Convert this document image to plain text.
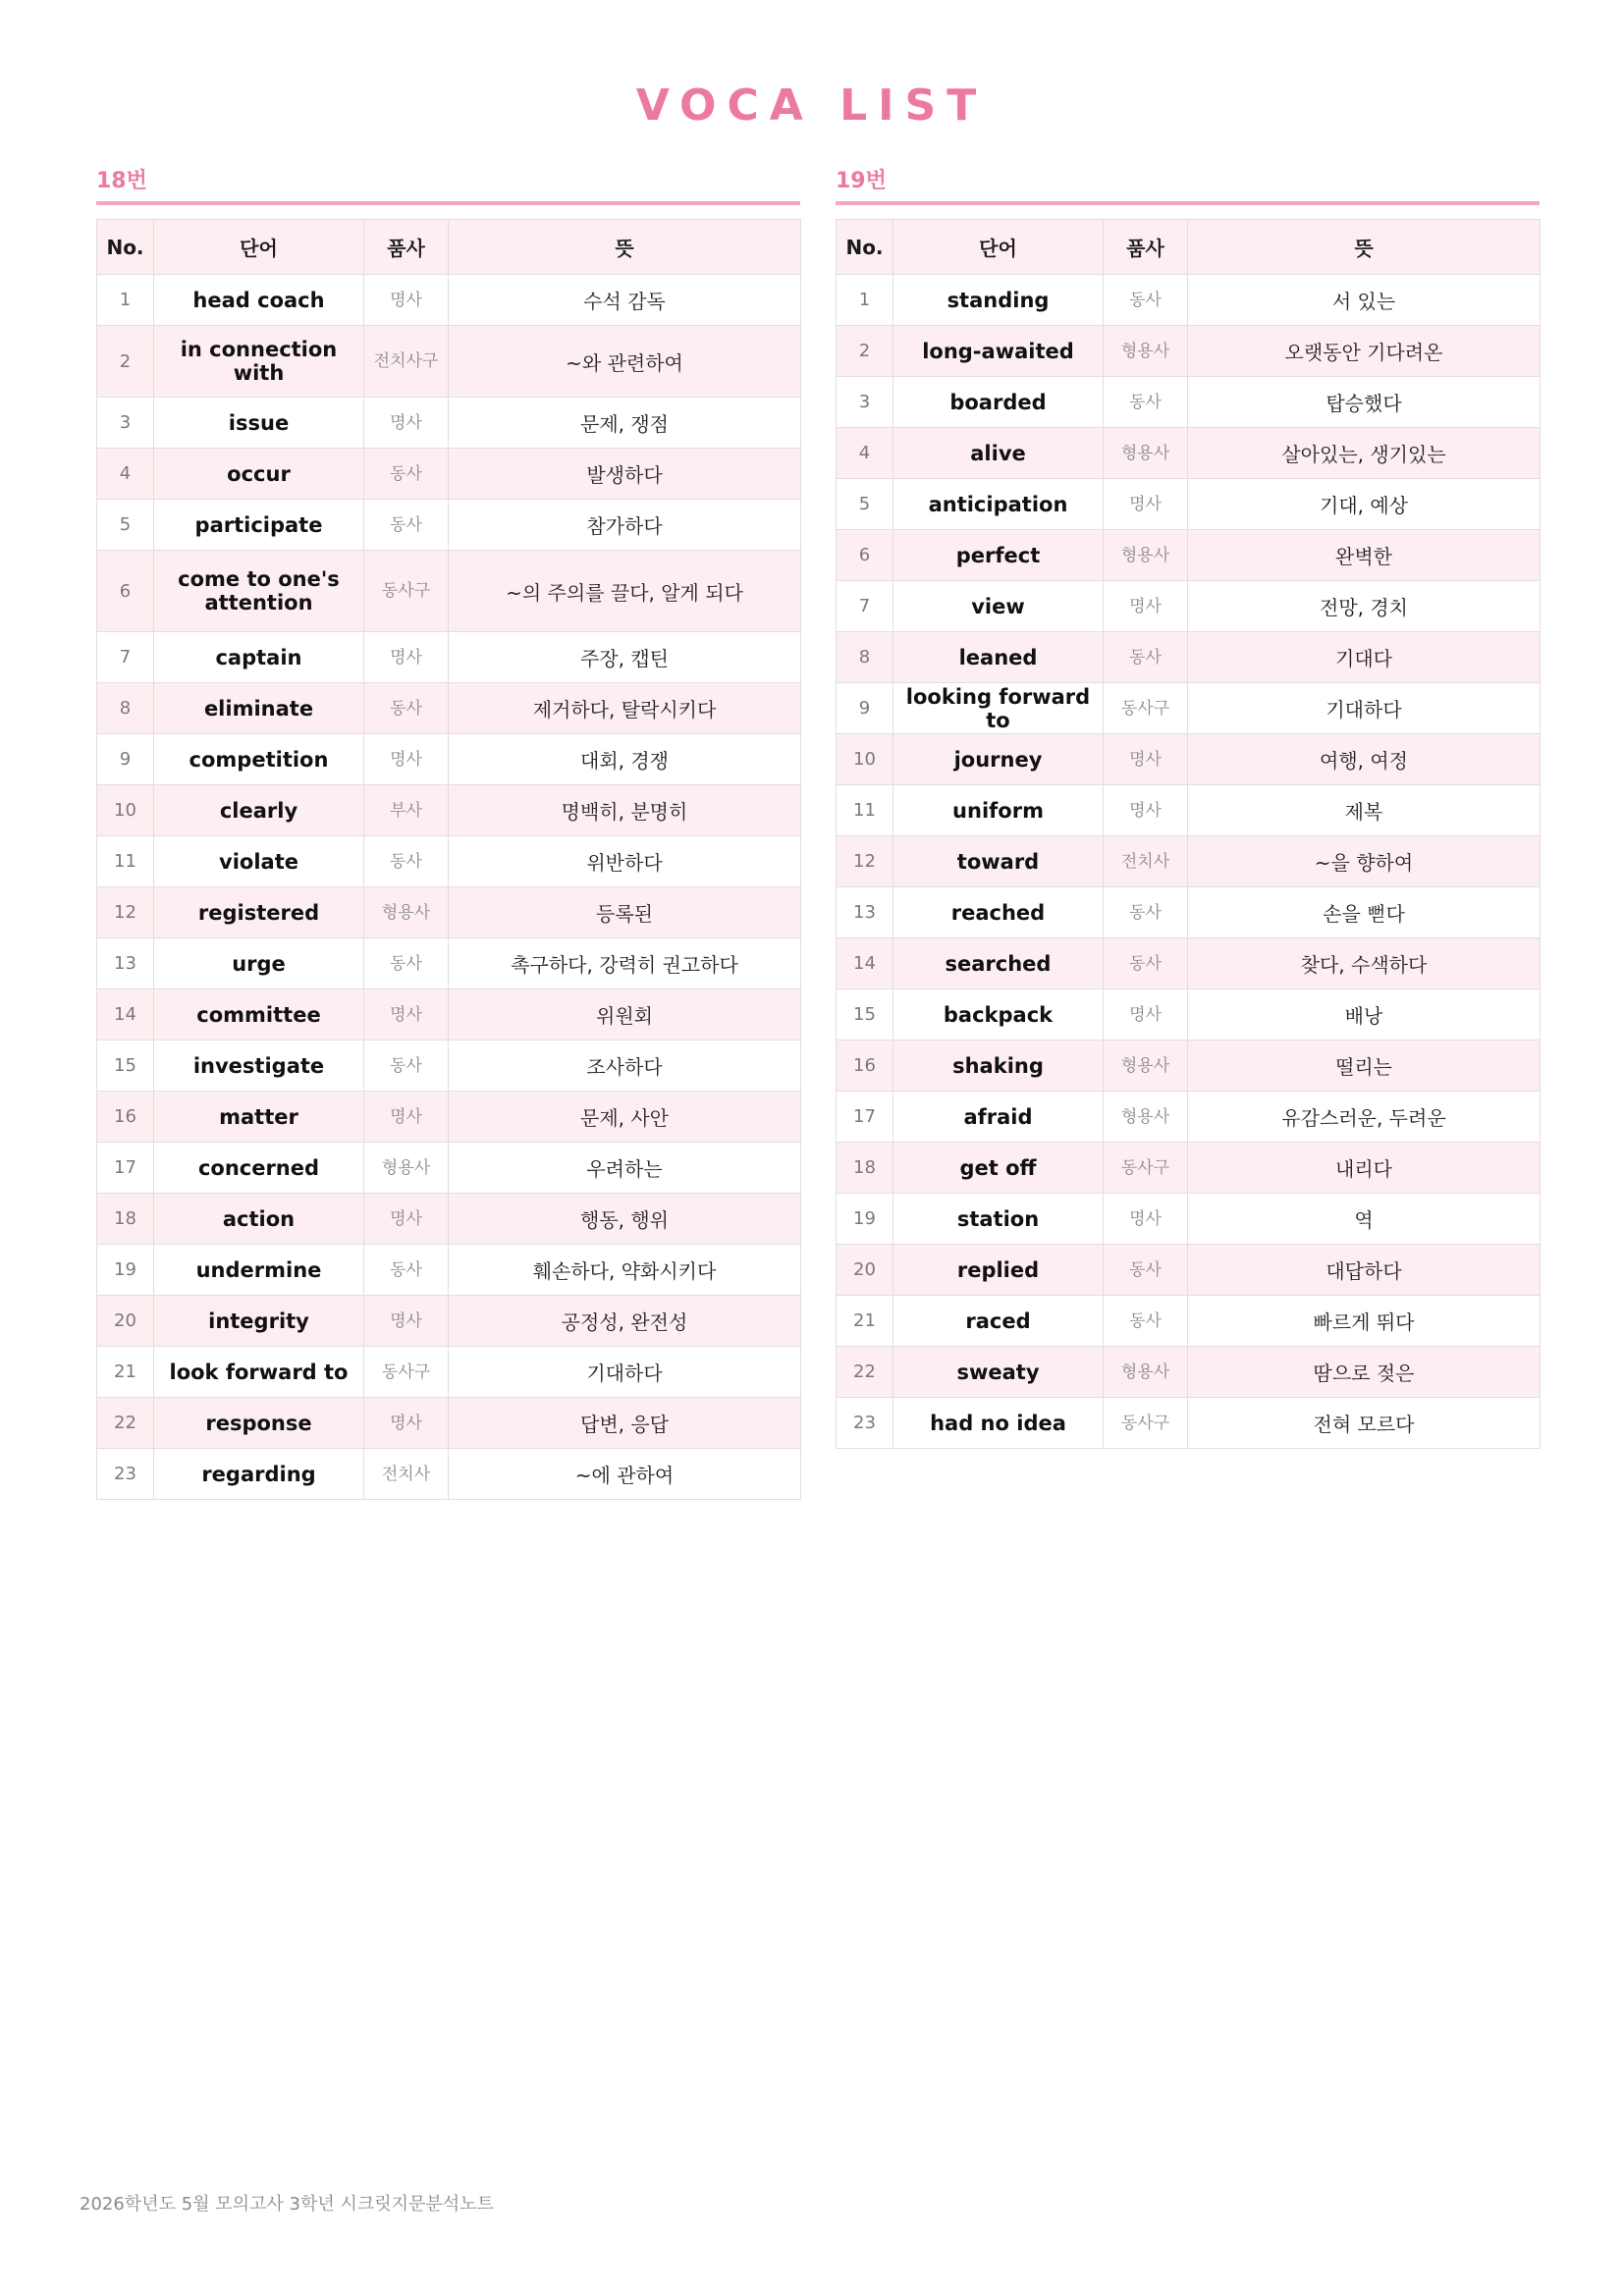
VOCA LIST
18번
No.	단어	품사	뜻
1	head coach	명사	수석 감독
2	in connection with	전치사구	~와 관련하여
3	issue	명사	문제, 쟁점
4	occur	동사	발생하다
5	participate	동사	참가하다
6	come to one's attention	동사구	~의 주의를 끌다, 알게 되다
7	captain	명사	주장, 캡틴
8	eliminate	동사	제거하다, 탈락시키다
9	competition	명사	대회, 경쟁
10	clearly	부사	명백히, 분명히
11	violate	동사	위반하다
12	registered	형용사	등록된
13	urge	동사	촉구하다, 강력히 권고하다
14	committee	명사	위원회
15	investigate	동사	조사하다
16	matter	명사	문제, 사안
17	concerned	형용사	우려하는
18	action	명사	행동, 행위
19	undermine	동사	훼손하다, 약화시키다
20	integrity	명사	공정성, 완전성
21	look forward to	동사구	기대하다
22	response	명사	답변, 응답
23	regarding	전치사	~에 관하여
19번
No.	단어	품사	뜻
1	standing	동사	서 있는
2	long-awaited	형용사	오랫동안 기다려온
3	boarded	동사	탑승했다
4	alive	형용사	살아있는, 생기있는
5	anticipation	명사	기대, 예상
6	perfect	형용사	완벽한
7	view	명사	전망, 경치
8	leaned	동사	기대다
9	looking forward to	동사구	기대하다
10	journey	명사	여행, 여정
11	uniform	명사	제복
12	toward	전치사	~을 향하여
13	reached	동사	손을 뻗다
14	searched	동사	찾다, 수색하다
15	backpack	명사	배낭
16	shaking	형용사	떨리는
17	afraid	형용사	유감스러운, 두려운
18	get off	동사구	내리다
19	station	명사	역
20	replied	동사	대답하다
21	raced	동사	빠르게 뛰다
22	sweaty	형용사	땀으로 젖은
23	had no idea	동사구	전혀 모르다
2026학년도 5월 모의고사 3학년 시크릿지문분석노트
